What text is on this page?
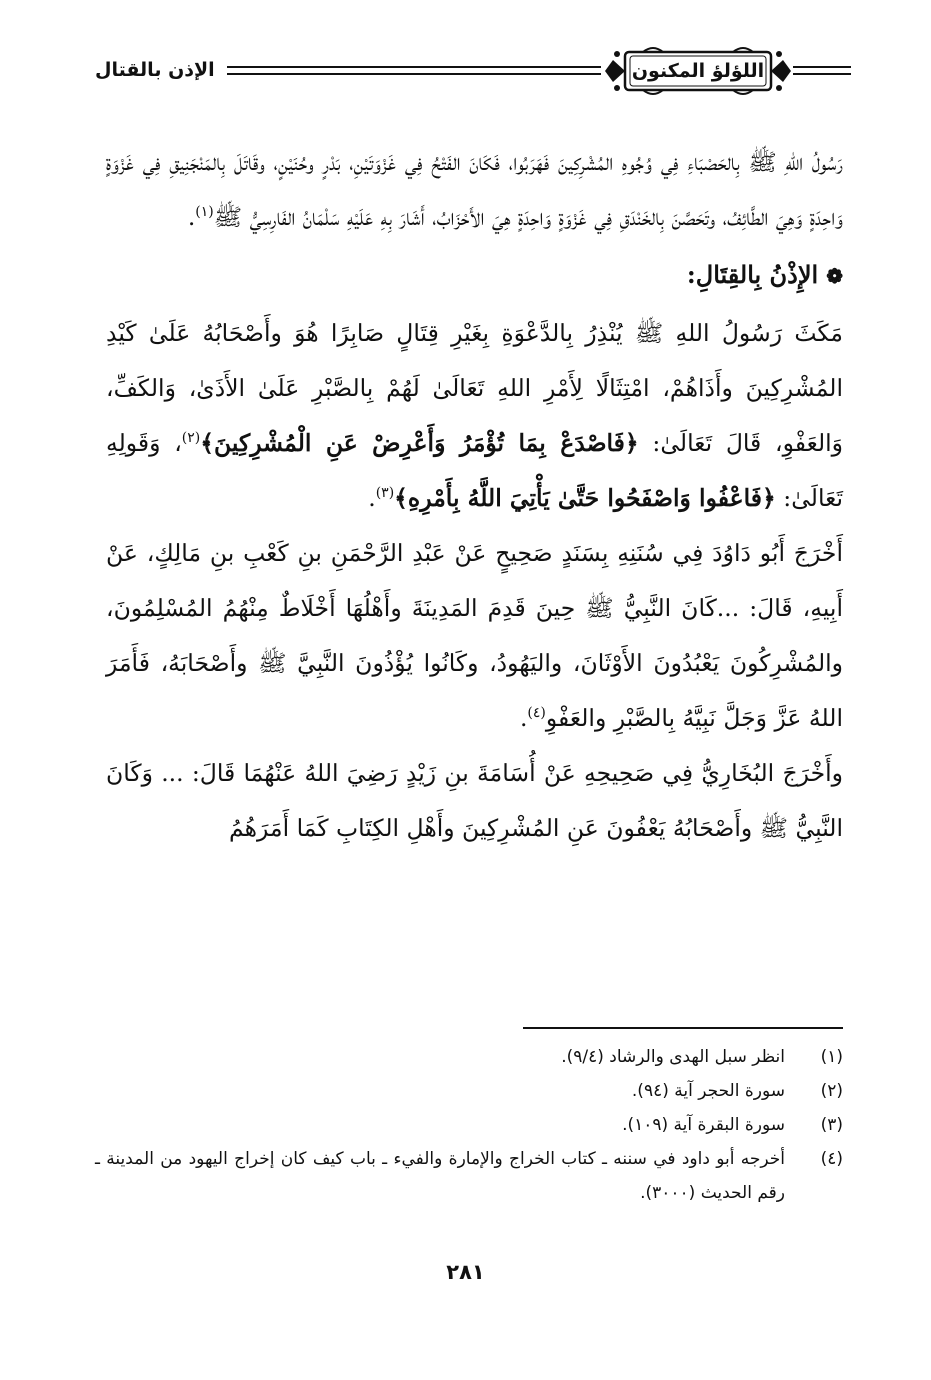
اللؤلؤ المكنون
الإذن بالقتال

رَسُولُ اللهِ ﷺ بِالحَصْبَاءِ فِي وُجُوهِ المُشْرِكِينَ فَهَرَبُوا، فَكَانَ الفَتْحُ فِي غَزْوَتَيْنِ، بَدْرٍ وحُنَيْنٍ، وقَاتَلَ بِالمَنْجَنِيقِ فِي غَزْوَةٍ وَاحِدَةٍ وَهِيَ الطَّائِفُ، وتَحَصَّنَ بِالخَنْدَقِ فِي غَزْوَةٍ وَاحِدَةٍ هِيَ الأَحْزَابُ، أَشَارَ بِهِ عَلَيْهِ سَلْمَانُ الفَارِسِيُّ ﷺ$^{(١)}$.

❁الإِذْنُ بِالقِتَالِ:

مَكَثَ رَسُولُ اللهِ ﷺ يُنْذِرُ بِالدَّعْوَةِ بِغَيْرِ قِتَالٍ صَابِرًا هُوَ وأَصْحَابُهُ عَلَىٰ كَيْدِ المُشْرِكِينَ وأَذَاهُمْ، امْتِثَالًا لِأَمْرِ اللهِ تَعَالَىٰ لَهُمْ بِالصَّبْرِ عَلَىٰ الأَذَىٰ، وَالكَفِّ، وَالعَفْوِ، قَالَ تَعَالَىٰ: ﴿فَاصْدَعْ بِمَا تُؤْمَرُ وَأَعْرِضْ عَنِ الْمُشْرِكِينَ﴾$^{(٢)}$، وَقَولِهِ تَعَالَىٰ: ﴿فَاعْفُوا وَاصْفَحُوا حَتَّىٰ يَأْتِيَ اللَّهُ بِأَمْرِهِ﴾$^{(٣)}$.

أَخْرَجَ أَبُو دَاوُدَ فِي سُنَنِهِ بِسَنَدٍ صَحِيحٍ عَنْ عَبْدِ الرَّحْمَنِ بنِ كَعْبِ بنِ مَالِكٍ، عَنْ أَبِيهِ، قَالَ: ...كَانَ النَّبِيُّ ﷺ حِينَ قَدِمَ المَدِينَةَ وأَهْلُهَا أَخْلَاطٌ مِنْهُمُ المُسْلِمُونَ، والمُشْرِكُونَ يَعْبُدُونَ الأَوْثَانَ، واليَهُودُ، وكَانُوا يُؤْذُونَ النَّبِيَّ ﷺ وأَصْحَابَهُ، فَأَمَرَ اللهُ عَزَّ وَجَلَّ نَبِيَّهُ بِالصَّبْرِ والعَفْوِ$^{(٤)}$.

وأَخْرَجَ البُخَارِيُّ فِي صَحِيحِهِ عَنْ أُسَامَةَ بنِ زَيْدٍ رَضِيَ اللهُ عَنْهُمَا قَالَ: ... وَكَانَ النَّبِيُّ ﷺ وأَصْحَابُهُ يَعْفُونَ عَنِ المُشْرِكِينَ وأَهْلِ الكِتَابِ كَمَا أَمَرَهُمُ

(١)
انظر سبل الهدى والرشاد (٩/٤).

(٢)
سورة الحجر آية (٩٤).

(٣)
سورة البقرة آية (١٠٩).

(٤)
أخرجه أبو داود في سننه ـ كتاب الخراج والإمارة والفيء ـ باب كيف كان إخراج اليهود من المدينة ـ رقم الحديث (٣٠٠٠).

٢٨١
